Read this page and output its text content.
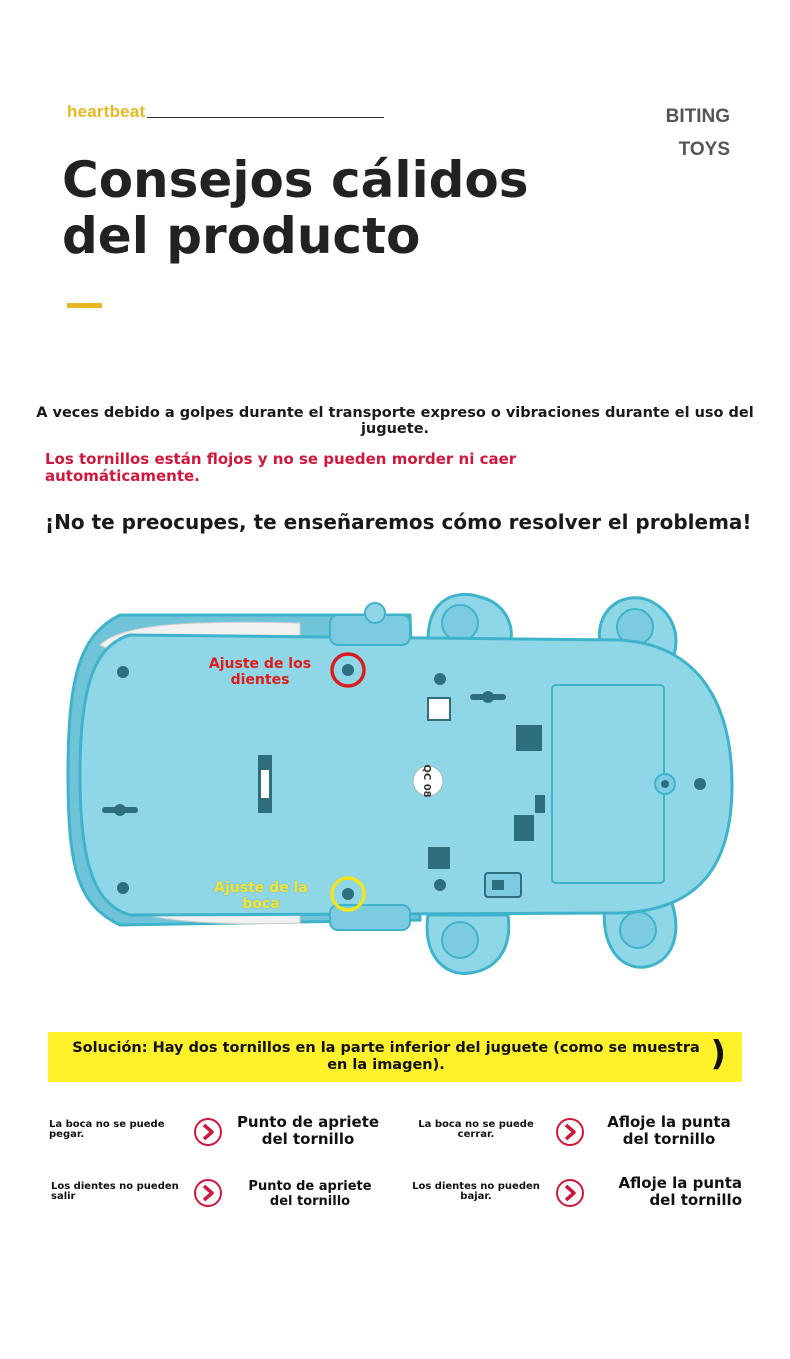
heartbeat	BITING
TOYS
Consejos cálidos
del producto
A veces debido a golpes durante el transporte expreso o vibraciones durante el uso del juguete.
Los tornillos están flojos y no se pueden morder ni caer automáticamente.
¡No te preocupes, te enseñaremos cómo resolver el problema!
QC 08
Ajuste de los dientes
Ajuste de la boca
Solución: Hay dos tornillos en la parte inferior del juguete (como se muestra en la imagen).	)
La boca no se puede pegar.
Punto de apriete del tornillo
La boca no se puede cerrar.
Afloje la punta del tornillo
Los dientes no pueden salir
Punto de apriete del tornillo
Los dientes no pueden bajar.
Afloje la punta del tornillo
